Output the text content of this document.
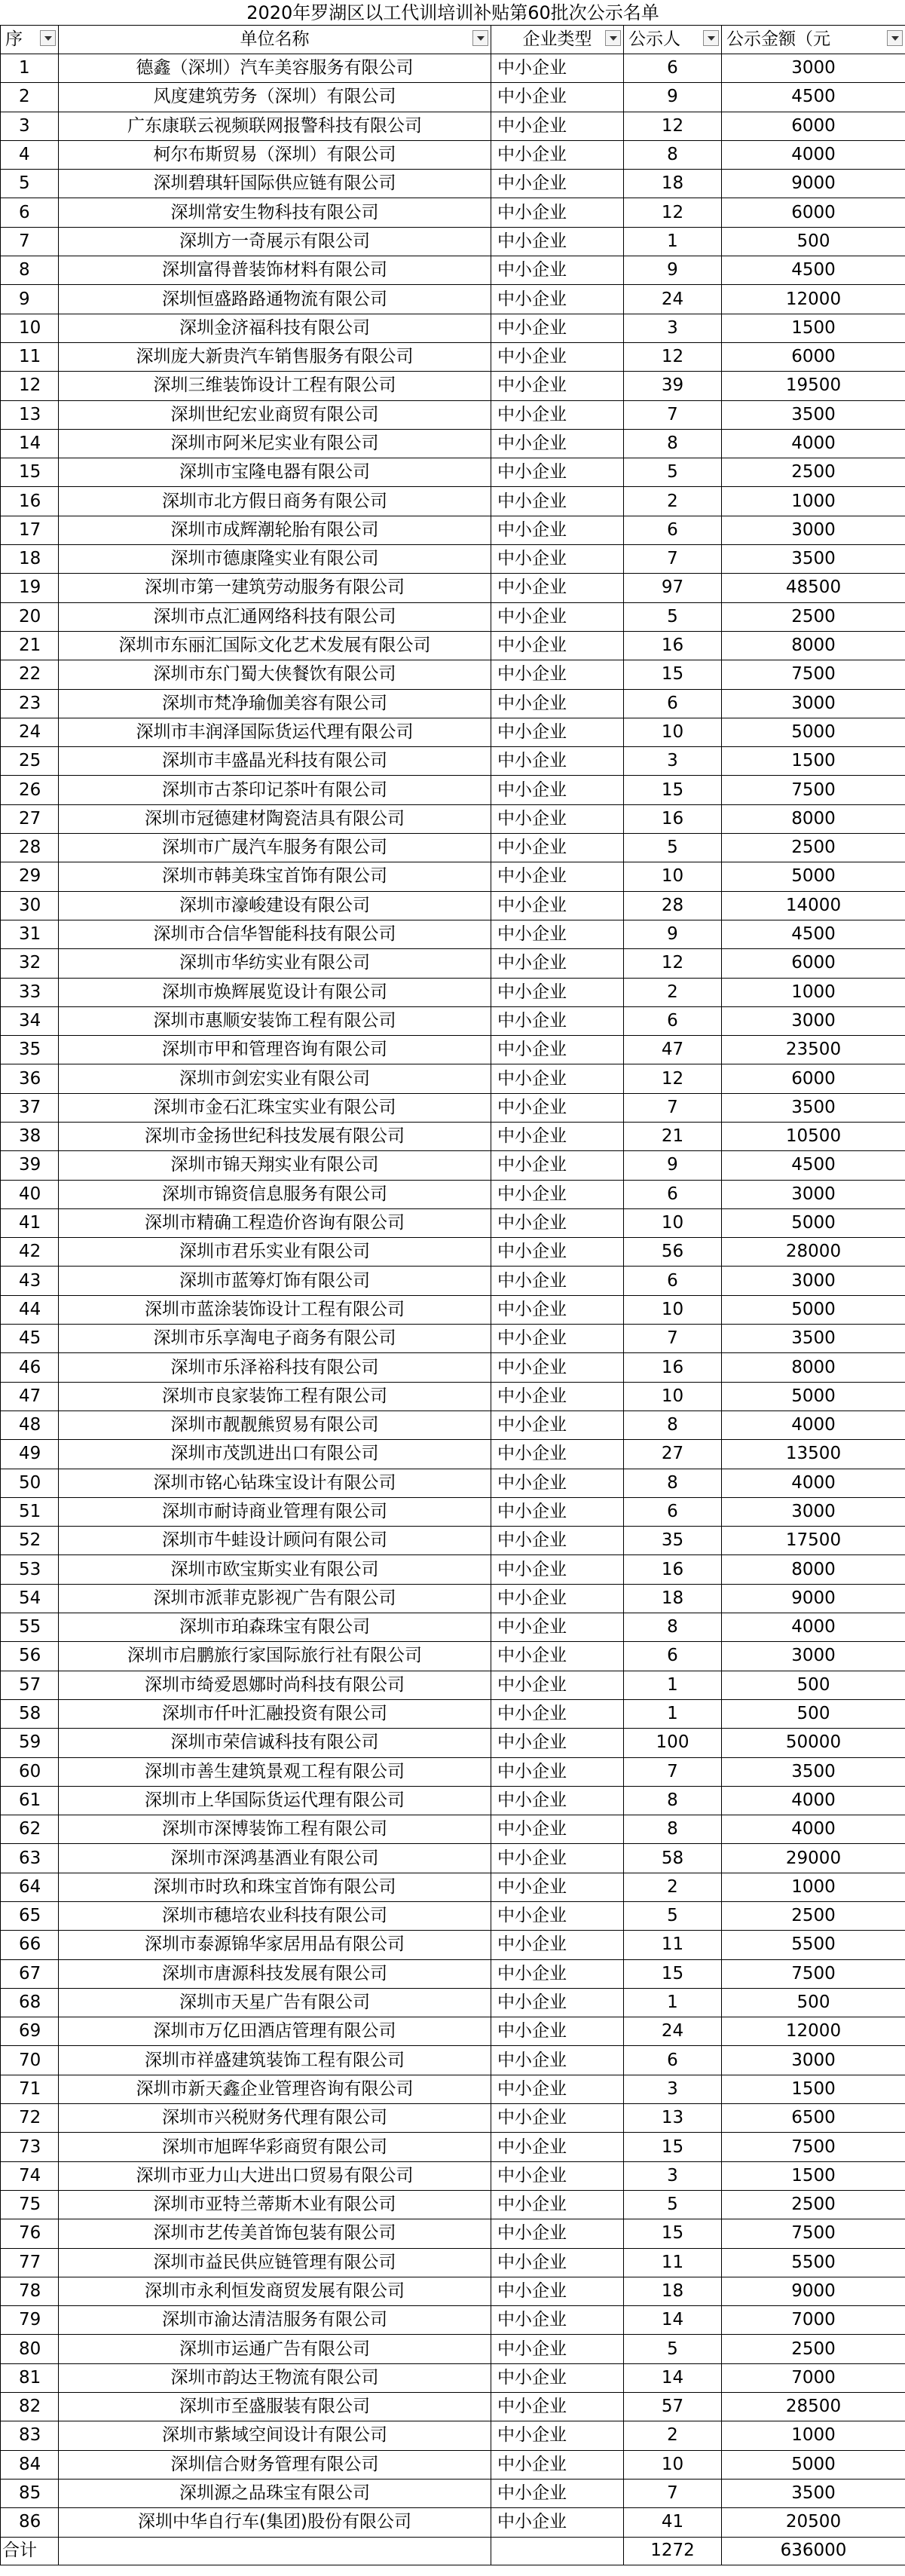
2020年罗湖区以工代训培训补贴第60批次公示名单				
序	单位名称	企业类型	公示人	公示金额（元

1	德鑫（深圳）汽车美容服务有限公司	中小企业	6	3000
2	风度建筑劳务（深圳）有限公司	中小企业	9	4500
3	广东康联云视频联网报警科技有限公司	中小企业	12	6000
4	柯尔布斯贸易（深圳）有限公司	中小企业	8	4000
5	深圳碧琪轩国际供应链有限公司	中小企业	18	9000
6	深圳常安生物科技有限公司	中小企业	12	6000
7	深圳方一奇展示有限公司	中小企业	1	500
8	深圳富得普装饰材料有限公司	中小企业	9	4500
9	深圳恒盛路路通物流有限公司	中小企业	24	12000
10	深圳金济福科技有限公司	中小企业	3	1500
11	深圳庞大新贵汽车销售服务有限公司	中小企业	12	6000
12	深圳三维装饰设计工程有限公司	中小企业	39	19500
13	深圳世纪宏业商贸有限公司	中小企业	7	3500
14	深圳市阿米尼实业有限公司	中小企业	8	4000
15	深圳市宝隆电器有限公司	中小企业	5	2500
16	深圳市北方假日商务有限公司	中小企业	2	1000
17	深圳市成辉潮轮胎有限公司	中小企业	6	3000
18	深圳市德康隆实业有限公司	中小企业	7	3500
19	深圳市第一建筑劳动服务有限公司	中小企业	97	48500
20	深圳市点汇通网络科技有限公司	中小企业	5	2500
21	深圳市东丽汇国际文化艺术发展有限公司	中小企业	16	8000
22	深圳市东门蜀大侠餐饮有限公司	中小企业	15	7500
23	深圳市梵净瑜伽美容有限公司	中小企业	6	3000
24	深圳市丰润泽国际货运代理有限公司	中小企业	10	5000
25	深圳市丰盛晶光科技有限公司	中小企业	3	1500
26	深圳市古茶印记茶叶有限公司	中小企业	15	7500
27	深圳市冠德建材陶瓷洁具有限公司	中小企业	16	8000
28	深圳市广晟汽车服务有限公司	中小企业	5	2500
29	深圳市韩美珠宝首饰有限公司	中小企业	10	5000
30	深圳市濠峻建设有限公司	中小企业	28	14000
31	深圳市合信华智能科技有限公司	中小企业	9	4500
32	深圳市华纺实业有限公司	中小企业	12	6000
33	深圳市焕辉展览设计有限公司	中小企业	2	1000
34	深圳市惠顺安装饰工程有限公司	中小企业	6	3000
35	深圳市甲和管理咨询有限公司	中小企业	47	23500
36	深圳市剑宏实业有限公司	中小企业	12	6000
37	深圳市金石汇珠宝实业有限公司	中小企业	7	3500
38	深圳市金扬世纪科技发展有限公司	中小企业	21	10500
39	深圳市锦天翔实业有限公司	中小企业	9	4500
40	深圳市锦资信息服务有限公司	中小企业	6	3000
41	深圳市精确工程造价咨询有限公司	中小企业	10	5000
42	深圳市君乐实业有限公司	中小企业	56	28000
43	深圳市蓝筹灯饰有限公司	中小企业	6	3000
44	深圳市蓝涂装饰设计工程有限公司	中小企业	10	5000
45	深圳市乐享淘电子商务有限公司	中小企业	7	3500
46	深圳市乐泽裕科技有限公司	中小企业	16	8000
47	深圳市良家装饰工程有限公司	中小企业	10	5000
48	深圳市靓靓熊贸易有限公司	中小企业	8	4000
49	深圳市茂凯进出口有限公司	中小企业	27	13500
50	深圳市铭心钻珠宝设计有限公司	中小企业	8	4000
51	深圳市耐诗商业管理有限公司	中小企业	6	3000
52	深圳市牛蛙设计顾问有限公司	中小企业	35	17500
53	深圳市欧宝斯实业有限公司	中小企业	16	8000
54	深圳市派菲克影视广告有限公司	中小企业	18	9000
55	深圳市珀森珠宝有限公司	中小企业	8	4000
56	深圳市启鹏旅行家国际旅行社有限公司	中小企业	6	3000
57	深圳市绮爱恩娜时尚科技有限公司	中小企业	1	500
58	深圳市仟叶汇融投资有限公司	中小企业	1	500
59	深圳市荣信诚科技有限公司	中小企业	100	50000
60	深圳市善生建筑景观工程有限公司	中小企业	7	3500
61	深圳市上华国际货运代理有限公司	中小企业	8	4000
62	深圳市深博装饰工程有限公司	中小企业	8	4000
63	深圳市深鸿基酒业有限公司	中小企业	58	29000
64	深圳市时玖和珠宝首饰有限公司	中小企业	2	1000
65	深圳市穗培农业科技有限公司	中小企业	5	2500
66	深圳市泰源锦华家居用品有限公司	中小企业	11	5500
67	深圳市唐源科技发展有限公司	中小企业	15	7500
68	深圳市天星广告有限公司	中小企业	1	500
69	深圳市万亿田酒店管理有限公司	中小企业	24	12000
70	深圳市祥盛建筑装饰工程有限公司	中小企业	6	3000
71	深圳市新天鑫企业管理咨询有限公司	中小企业	3	1500
72	深圳市兴税财务代理有限公司	中小企业	13	6500
73	深圳市旭晖华彩商贸有限公司	中小企业	15	7500
74	深圳市亚力山大进出口贸易有限公司	中小企业	3	1500
75	深圳市亚特兰蒂斯木业有限公司	中小企业	5	2500
76	深圳市艺传美首饰包装有限公司	中小企业	15	7500
77	深圳市益民供应链管理有限公司	中小企业	11	5500
78	深圳市永利恒发商贸发展有限公司	中小企业	18	9000
79	深圳市渝达清洁服务有限公司	中小企业	14	7000
80	深圳市运通广告有限公司	中小企业	5	2500
81	深圳市韵达王物流有限公司	中小企业	14	7000
82	深圳市至盛服装有限公司	中小企业	57	28500
83	深圳市紫域空间设计有限公司	中小企业	2	1000
84	深圳信合财务管理有限公司	中小企业	10	5000
85	深圳源之品珠宝有限公司	中小企业	7	3500
86	深圳中华自行车(集团)股份有限公司	中小企业	41	20500
合计			1272	636000
